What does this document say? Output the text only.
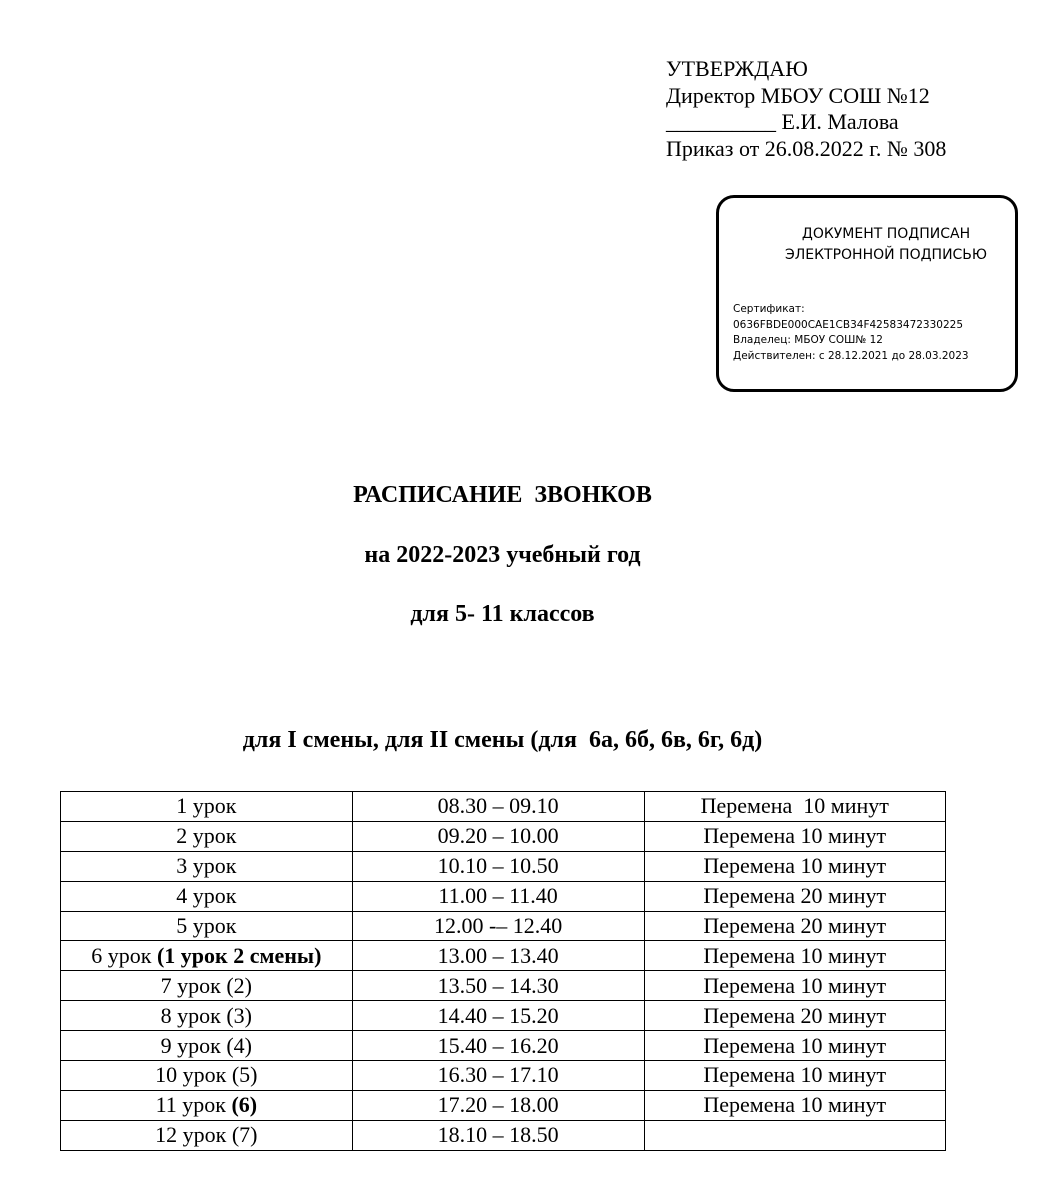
УТВЕРЖДАЮ
Директор МБОУ СОШ №12
__________ Е.И. Малова
Приказ от 26.08.2022 г. № 308
ДОКУМЕНТ ПОДПИСАН
ЭЛЕКТРОННОЙ ПОДПИСЬЮ
Сертификат:
0636FBDE000CAE1CB34F42583472330225
Владелец: МБОУ СОШ№ 12
Действителен: с 28.12.2021 до 28.03.2023
РАСПИСАНИЕ  ЗВОНКОВ
на 2022-2023 учебный год
для 5- 11 классов
для I смены, для II смены (для  6а, 6б, 6в, 6г, 6д)
1 урок	08.30 – 09.10	Перемена  10 минут
2 урок	09.20 – 10.00	Перемена 10 минут
3 урок	10.10 – 10.50	Перемена 10 минут
4 урок	11.00 – 11.40	Перемена 20 минут
5 урок	12.00 -– 12.40	Перемена 20 минут
6 урок (1 урок 2 смены)	13.00 – 13.40	Перемена 10 минут
7 урок (2)	13.50 – 14.30	Перемена 10 минут
8 урок (3)	14.40 – 15.20	Перемена 20 минут
9 урок (4)	15.40 – 16.20	Перемена 10 минут
10 урок (5)	16.30 – 17.10	Перемена 10 минут
11 урок (6)	17.20 – 18.00	Перемена 10 минут
12 урок (7)	18.10 – 18.50	
